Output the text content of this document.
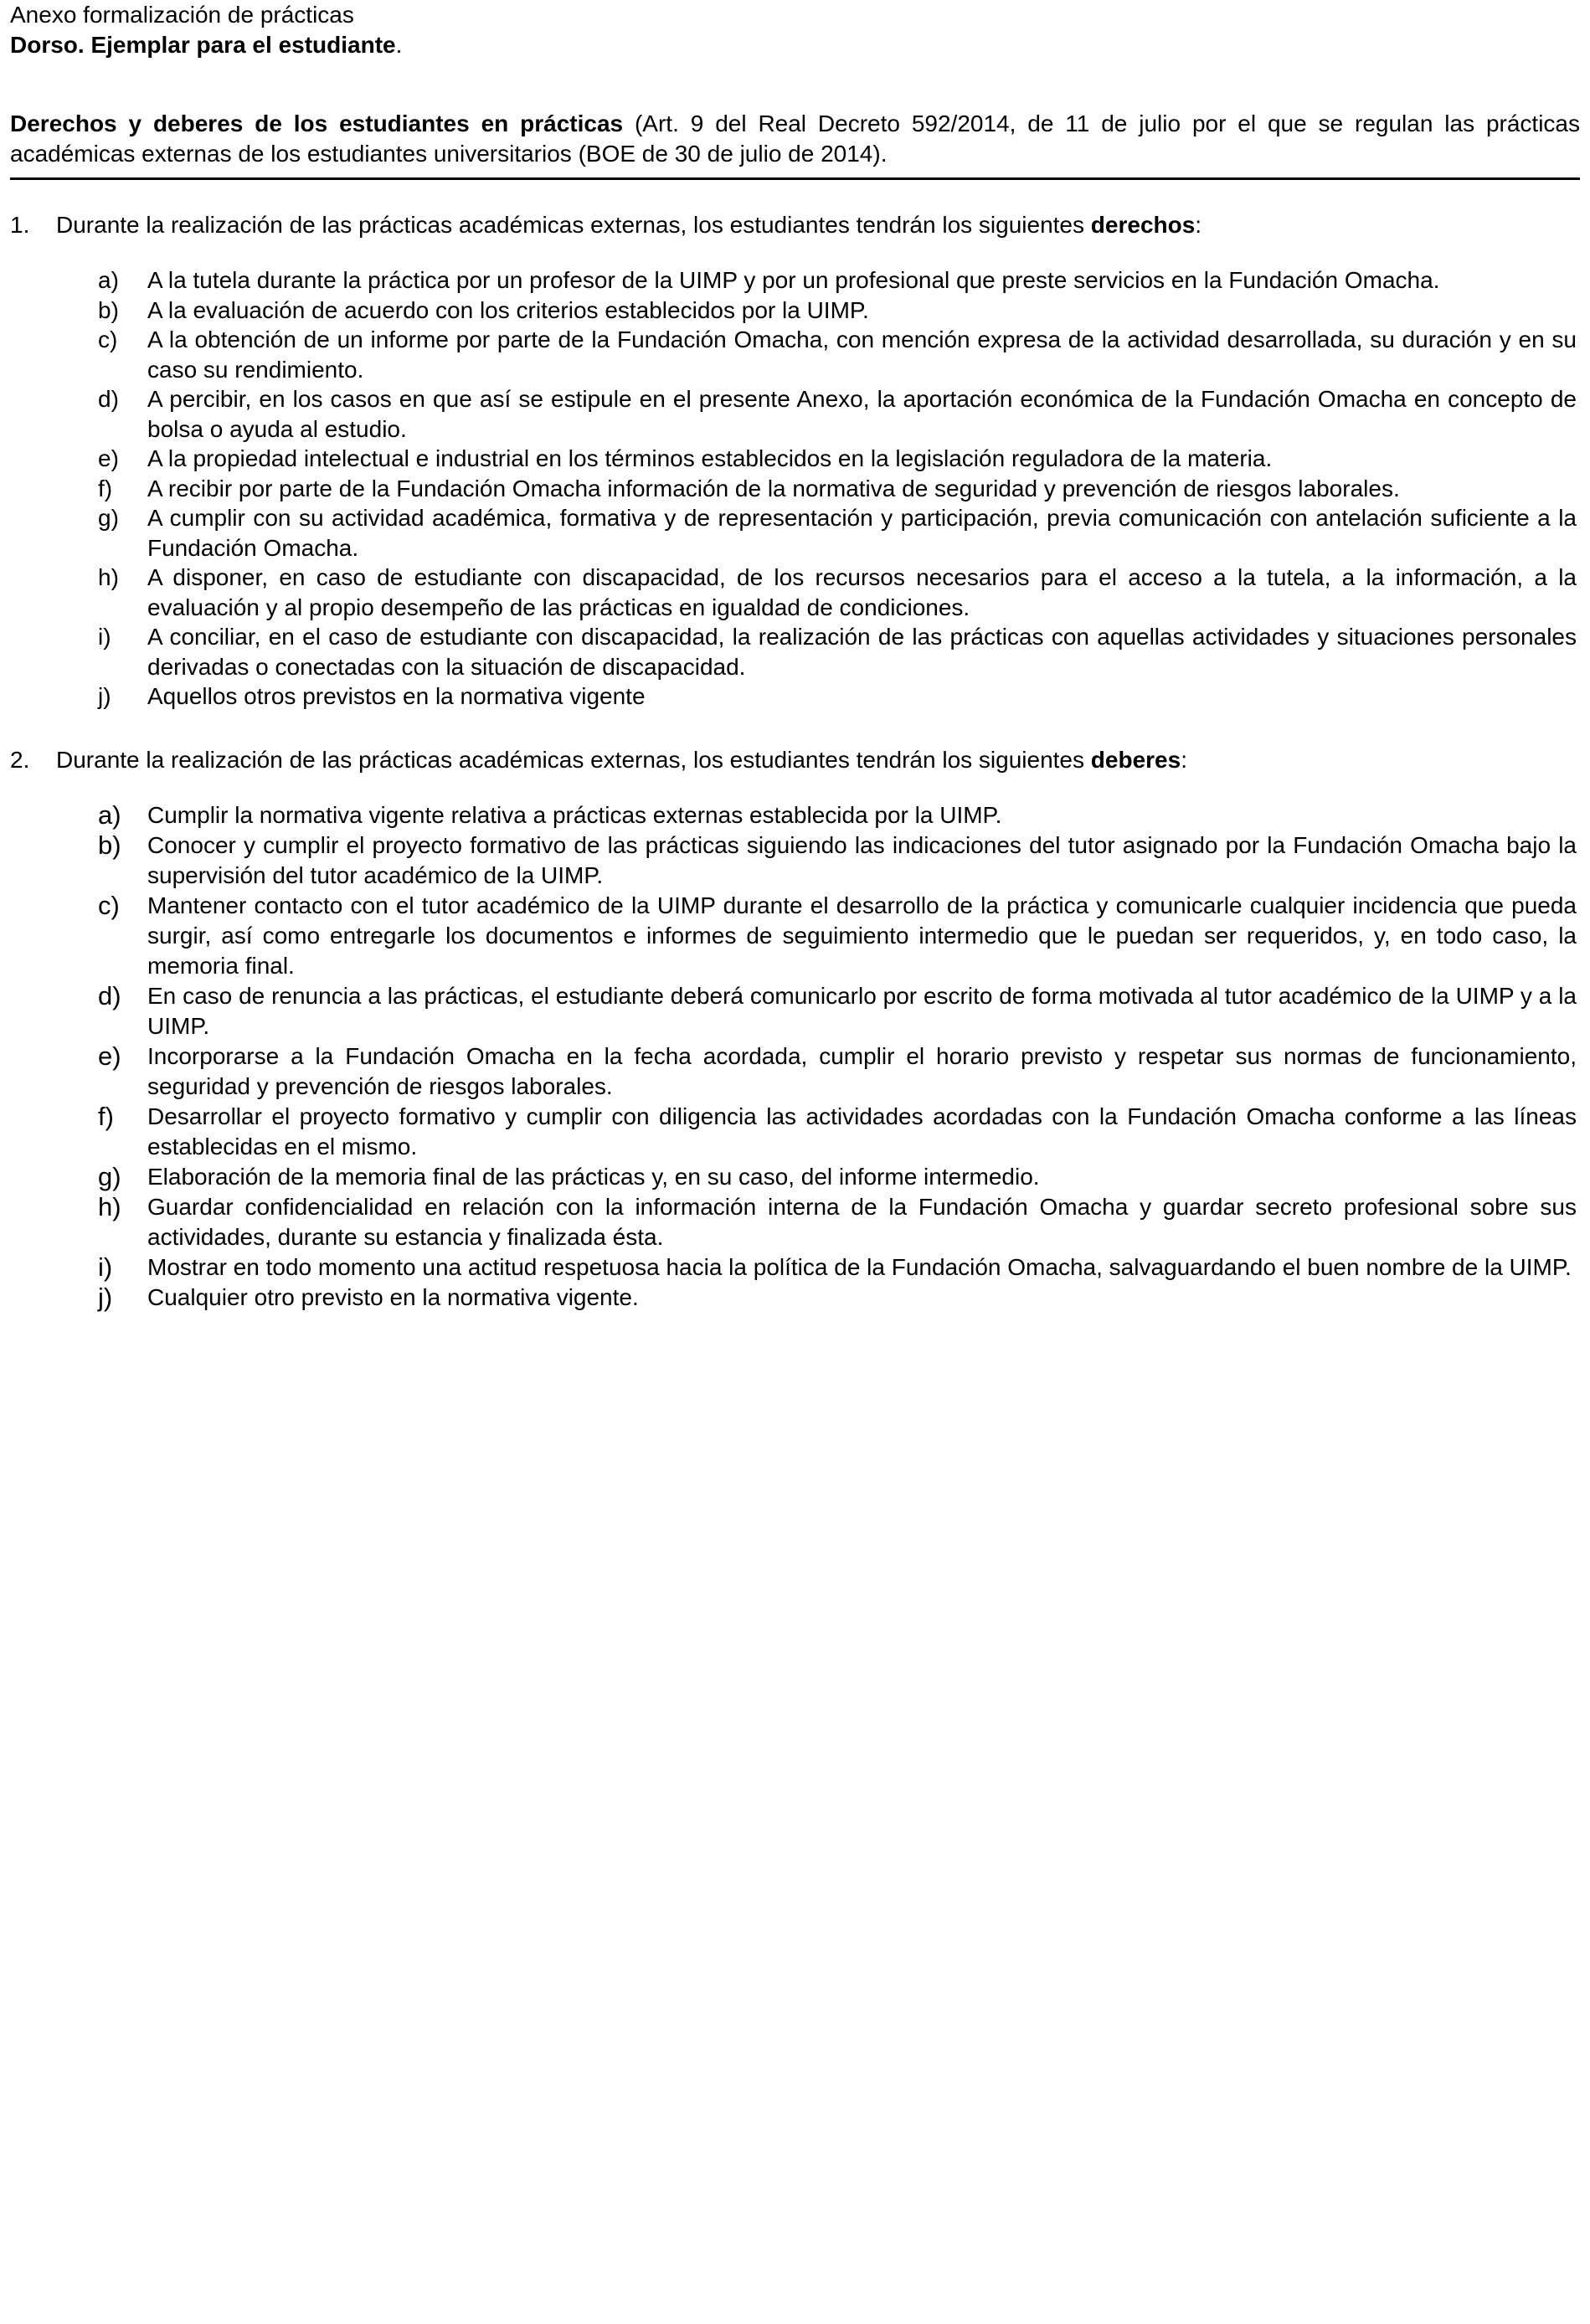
Anexo formalización de prácticas

Dorso. Ejemplar para el estudiante.

Derechos y deberes de los estudiantes en prácticas (Art. 9 del Real Decreto 592/2014, de 11 de julio por el que se regulan las prácticas académicas externas de los estudiantes universitarios (BOE de 30 de julio de 2014).
1.	Durante la realización de las prácticas académicas externas, los estudiantes tendrán los siguientes derechos:
a)	A la tutela durante la práctica por un profesor de la UIMP y por un profesional que preste servicios en la Fundación Omacha.
b)	A la evaluación de acuerdo con los criterios establecidos por la UIMP.
c)	A la obtención de un informe por parte de la Fundación Omacha, con mención expresa de la actividad desarrollada, su duración y en su caso su rendimiento.
d)	A percibir, en los casos en que así se estipule en el presente Anexo, la aportación económica de la Fundación Omacha en concepto de bolsa o ayuda al estudio.
e)	A la propiedad intelectual e industrial en los términos establecidos en la legislación reguladora de la materia.
f)	A recibir por parte de la Fundación Omacha información de la normativa de seguridad y prevención de riesgos laborales.
g)	A cumplir con su actividad académica, formativa y de representación y participación, previa comunicación con antelación suficiente a la Fundación Omacha.
h)	A disponer, en caso de estudiante con discapacidad, de los recursos necesarios para el acceso a la tutela, a la información, a la evaluación y al propio desempeño de las prácticas en igualdad de condiciones.
i)	A conciliar, en el caso de estudiante con discapacidad, la realización de las prácticas con aquellas actividades y situaciones personales derivadas o conectadas con la situación de discapacidad.
j)	Aquellos otros previstos en la normativa vigente
2.	Durante la realización de las prácticas académicas externas, los estudiantes tendrán los siguientes deberes:
a)	Cumplir la normativa vigente relativa a prácticas externas establecida por la UIMP.
b)	Conocer y cumplir el proyecto formativo de las prácticas siguiendo las indicaciones del tutor asignado por la Fundación Omacha bajo la supervisión del tutor académico de la UIMP.
c)	Mantener contacto con el tutor académico de la UIMP durante el desarrollo de la práctica y comunicarle cualquier incidencia que pueda surgir, así como entregarle los documentos e informes de seguimiento intermedio que le puedan ser requeridos, y, en todo caso, la memoria final.
d)	En caso de renuncia a las prácticas, el estudiante deberá comunicarlo por escrito de forma motivada al tutor académico de la UIMP y a la UIMP.
e)	Incorporarse a la Fundación Omacha en la fecha acordada, cumplir el horario previsto y respetar sus normas de funcionamiento, seguridad y prevención de riesgos laborales.
f)	Desarrollar el proyecto formativo y cumplir con diligencia las actividades acordadas con la Fundación Omacha conforme a las líneas establecidas en el mismo.
g)	Elaboración de la memoria final de las prácticas y, en su caso, del informe intermedio.
h)	Guardar confidencialidad en relación con la información interna de la Fundación Omacha y guardar secreto profesional sobre sus actividades, durante su estancia y finalizada ésta.
i)	Mostrar en todo momento una actitud respetuosa hacia la política de la Fundación Omacha, salvaguardando el buen nombre de la UIMP.
j)	Cualquier otro previsto en la normativa vigente.
